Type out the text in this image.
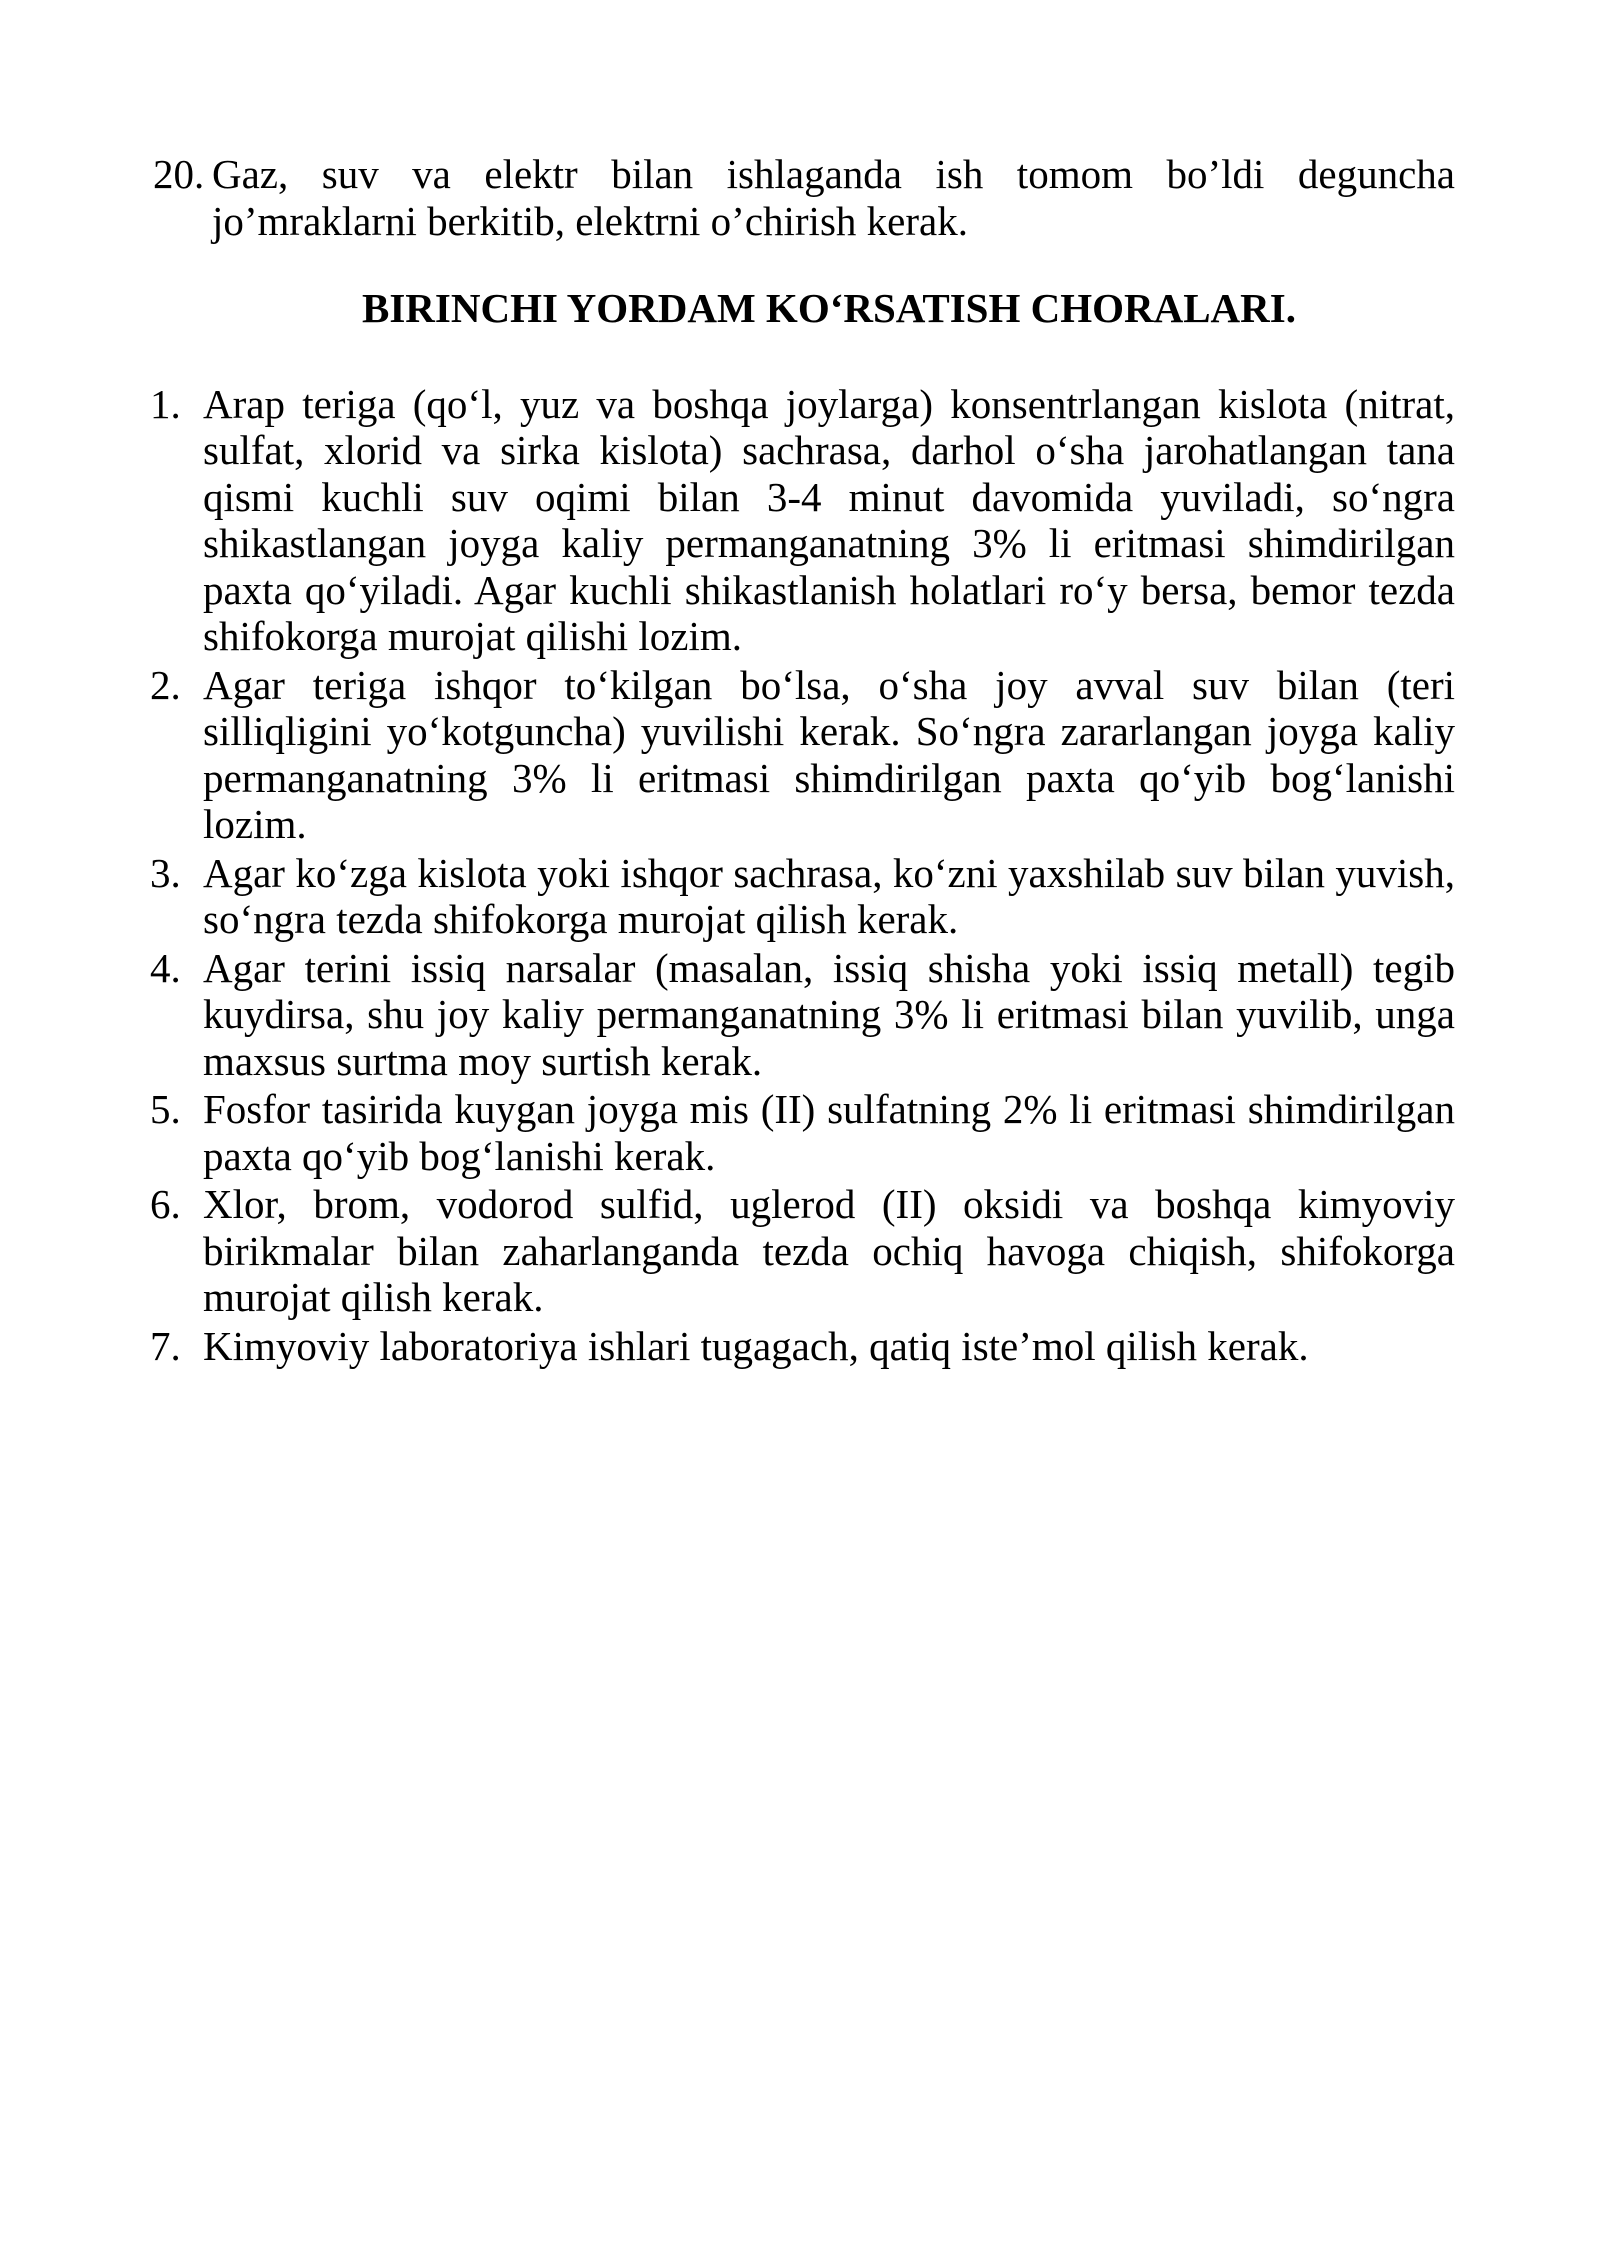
20. Gaz, suv va elektr bilan ishlaganda ish tomom bo’ldi deguncha jo’mraklarni berkitib, elektrni o’chirish kerak.

BIRINCHI YORDAM KO‘RSATISH CHORALARI.
1. Arap teriga (qo‘l, yuz va boshqa joylarga) konsentrlangan kislota (nitrat, sulfat, xlorid va sirka kislota) sachrasa, darhol o‘sha jarohatlangan tana qismi kuchli suv oqimi bilan 3-4 minut davomida yuviladi, so‘ngra shikastlangan joyga kaliy permanganatning 3% li eritmasi shimdirilgan paxta qo‘yiladi. Agar kuchli shikastlanish holatlari ro‘y bersa, bemor tezda shifokorga murojat qilishi lozim.

2. Agar teriga ishqor to‘kilgan bo‘lsa, o‘sha joy avval suv bilan (teri silliqligini yo‘kotguncha) yuvilishi kerak. So‘ngra zararlangan joyga kaliy permanganatning 3% li eritmasi shimdirilgan paxta qo‘yib bog‘lanishi lozim.

3. Agar ko‘zga kislota yoki ishqor sachrasa, ko‘zni yaxshilab suv bilan yuvish, so‘ngra tezda shifokorga murojat qilish kerak.

4. Agar terini issiq narsalar (masalan, issiq shisha yoki issiq metall) tegib kuydirsa, shu joy kaliy permanganatning 3% li eritmasi bilan yuvilib, unga maxsus surtma moy surtish kerak.

5. Fosfor tasirida kuygan joyga mis (II) sulfatning 2% li eritmasi shimdirilgan paxta qo‘yib bog‘lanishi kerak.

6. Xlor, brom, vodorod sulfid, uglerod (II) oksidi va boshqa kimyoviy birikmalar bilan zaharlanganda tezda ochiq havoga chiqish, shifokorga murojat qilish kerak.

7. Kimyoviy laboratoriya ishlari tugagach, qatiq iste’mol qilish kerak.
